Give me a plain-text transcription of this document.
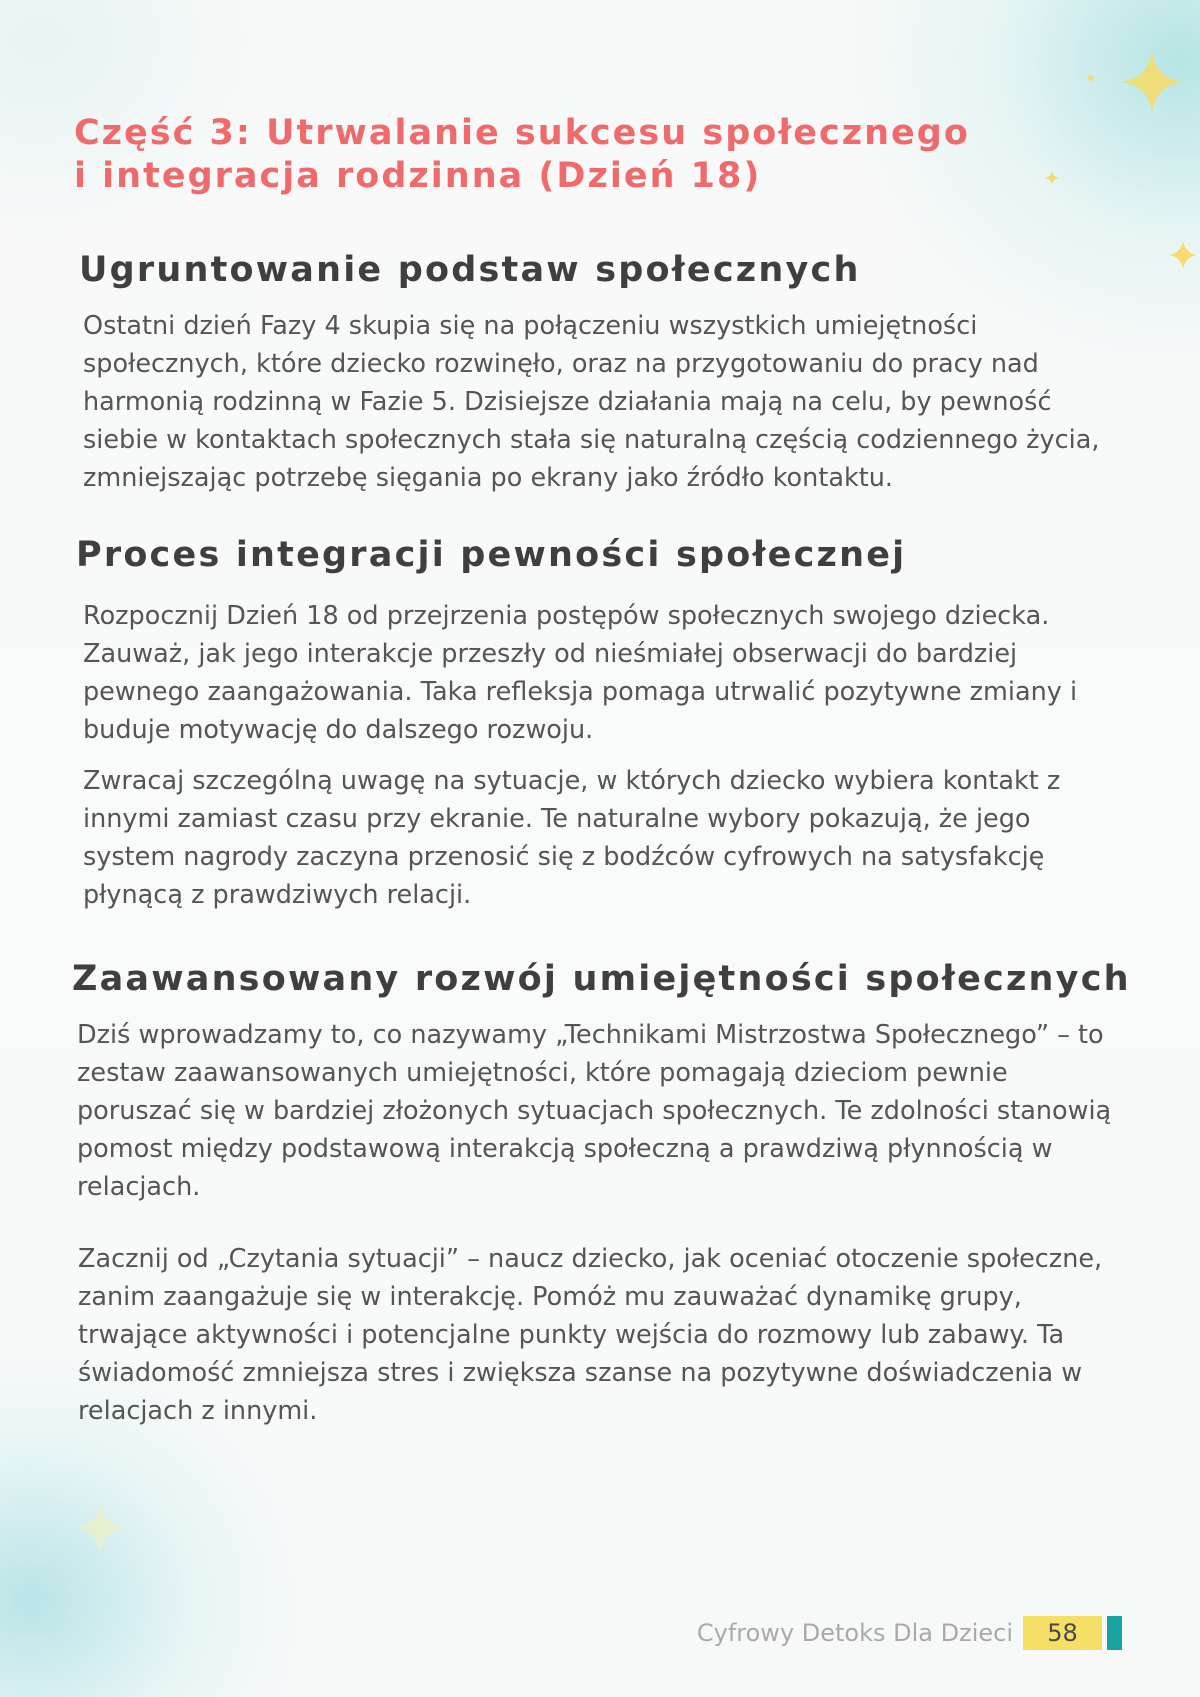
Część 3: Utrwalanie sukcesu społecznego i integracja rodzinna (Dzień 18)
Ugruntowanie podstaw społecznych

Ostatni dzień Fazy 4 skupia się na połączeniu wszystkich umiejętności społecznych, które dziecko rozwinęło, oraz na przygotowaniu do pracy nad harmonią rodzinną w Fazie 5. Dzisiejsze działania mają na celu, by pewność siebie w kontaktach społecznych stała się naturalną częścią codziennego życia, zmniejszając potrzebę sięgania po ekrany jako źródło kontaktu.

Proces integracji pewności społecznej

Rozpocznij Dzień 18 od przejrzenia postępów społecznych swojego dziecka. Zauważ, jak jego interakcje przeszły od nieśmiałej obserwacji do bardziej pewnego zaangażowania. Taka refleksja pomaga utrwalić pozytywne zmiany i buduje motywację do dalszego rozwoju.

Zwracaj szczególną uwagę na sytuacje, w których dziecko wybiera kontakt z innymi zamiast czasu przy ekranie. Te naturalne wybory pokazują, że jego system nagrody zaczyna przenosić się z bodźców cyfrowych na satysfakcję płynącą z prawdziwych relacji.

Zaawansowany rozwój umiejętności społecznych

Dziś wprowadzamy to, co nazywamy „Technikami Mistrzostwa Społecznego” – to zestaw zaawansowanych umiejętności, które pomagają dzieciom pewnie poruszać się w bardziej złożonych sytuacjach społecznych. Te zdolności stanowią pomost między podstawową interakcją społeczną a prawdziwą płynnością w relacjach.

Zacznij od „Czytania sytuacji” – naucz dziecko, jak oceniać otoczenie społeczne, zanim zaangażuje się w interakcję. Pomóż mu zauważać dynamikę grupy, trwające aktywności i potencjalne punkty wejścia do rozmowy lub zabawy. Ta świadomość zmniejsza stres i zwiększa szanse na pozytywne doświadczenia w relacjach z innymi.

Cyfrowy Detoks Dla Dzieci	58
